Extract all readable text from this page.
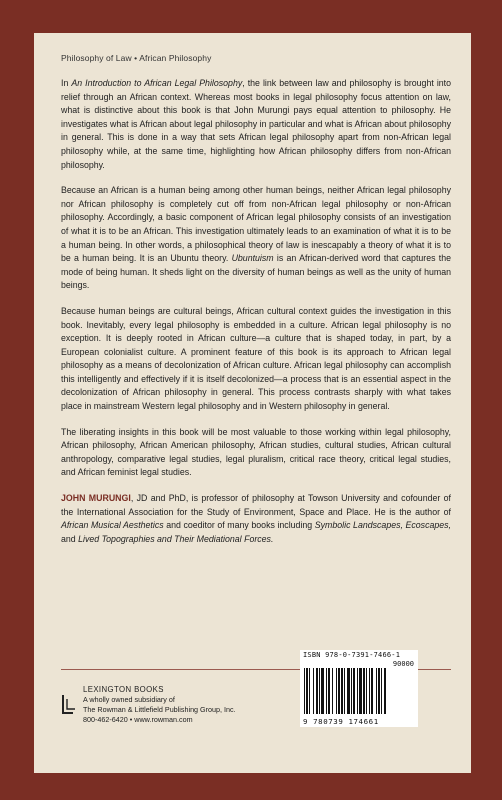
Philosophy of Law • African Philosophy

In An Introduction to African Legal Philosophy, the link between law and philosophy is brought into relief through an African context. Whereas most books in legal philosophy focus attention on law, what is distinctive about this book is that John Murungi pays equal attention to philosophy. He investigates what is African about legal philosophy in particular and what is African about philosophy in general. This is done in a way that sets African legal philosophy apart from non-African legal philosophy while, at the same time, highlighting how African philosophy differs from non-African philosophy.

Because an African is a human being among other human beings, neither African legal philosophy nor African philosophy is completely cut off from non-African legal philosophy or non-African philosophy. Accordingly, a basic component of African legal philosophy consists of an investigation of what it is to be an African. This investigation ultimately leads to an examination of what it is to be a human being. In other words, a philosophical theory of law is inescapably a theory of what it is to be a human being. It is an Ubuntu theory. Ubuntuism is an African-derived word that captures the mode of being human. It sheds light on the diversity of human beings as well as the unity of human beings.

Because human beings are cultural beings, African cultural context guides the investigation in this book. Inevitably, every legal philosophy is embedded in a culture. African legal philosophy is no exception. It is deeply rooted in African culture—a culture that is shaped today, in part, by a European colonialist culture. A prominent feature of this book is its approach to African legal philosophy as a means of decolonization of African culture. African legal philosophy can accomplish this intelligently and effectively if it is itself decolonized—a process that is an essential aspect in the decolonization of African philosophy in general. This process contrasts sharply with what takes place in mainstream Western legal philosophy and in Western philosophy in general.

The liberating insights in this book will be most valuable to those working within legal philosophy, African philosophy, African American philosophy, African studies, cultural studies, African cultural anthropology, comparative legal studies, legal pluralism, critical race theory, critical legal studies, and African feminist legal studies.

JOHN MURUNGI, JD and PhD, is professor of philosophy at Towson University and cofounder of the International Association for the Study of Environment, Space and Place. He is the author of African Musical Aesthetics and coeditor of many books including Symbolic Landscapes, Ecoscapes, and Lived Topographies and Their Mediational Forces.

LEXINGTON BOOKS
A wholly owned subsidiary of
The Rowman & Littlefield Publishing Group, Inc.
800-462-6420 • www.rowman.com
ISBN 978-0-7391-7466-1
90000
9 780739 174661
